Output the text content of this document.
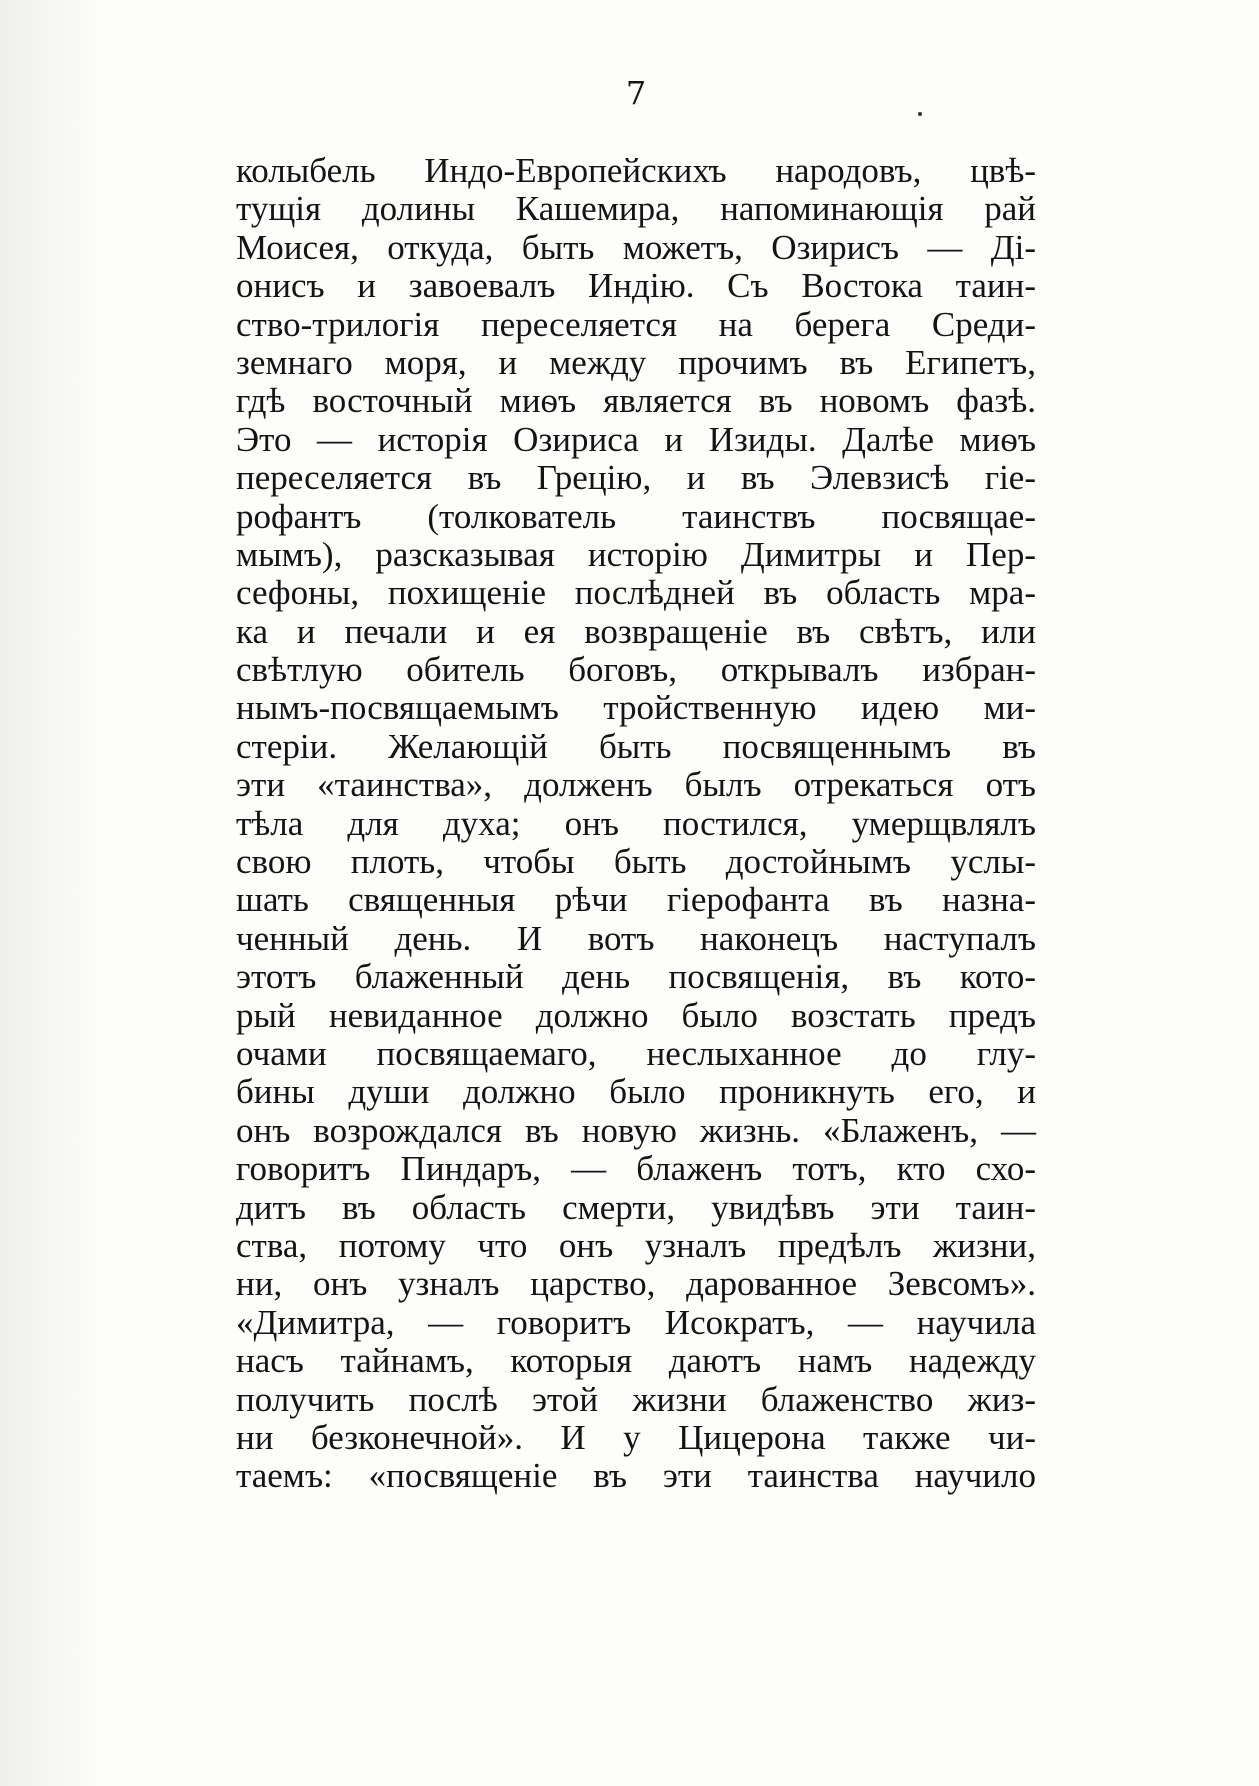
7

колыбель Индо-Европейскихъ народовъ, цвѣ-
тущія долины Кашемира, напоминающія рай
Моисея, откуда, быть можетъ, Озирисъ — Ді-
онисъ и завоевалъ Индію. Съ Востока таин-
ство-трилогія переселяется на берега Среди-
земнаго моря, и между прочимъ въ Египетъ,
гдѣ восточный миѳъ является въ новомъ фазѣ.
Это — исторія Озириса и Изиды. Далѣе миѳъ
переселяется въ Грецію, и въ Элевзисѣ гіе-
рофантъ (толкователь таинствъ посвящае-
мымъ), разсказывая исторію Димитры и Пер-
сефоны, похищеніе послѣдней въ область мра-
ка и печали и ея возвращеніе въ свѣтъ, или
свѣтлую обитель боговъ, открывалъ избран-
нымъ-посвящаемымъ тройственную идею ми-
стеріи. Желающій быть посвященнымъ въ
эти «таинства», долженъ былъ отрекаться отъ
тѣла для духа; онъ постился, умерщвлялъ
свою плоть, чтобы быть достойнымъ услы-
шать священныя рѣчи гіерофанта въ назна-
ченный день. И вотъ наконецъ наступалъ
этотъ блаженный день посвященія, въ кото-
рый невиданное должно было возстать предъ
очами посвящаемаго, неслыханное до глу-
бины души должно было проникнуть его, и
онъ возрождался въ новую жизнь. «Блаженъ, —
говоритъ Пиндаръ, — блаженъ тотъ, кто схо-
дитъ въ область смерти, увидѣвъ эти таин-
ства, потому что онъ узналъ предѣлъ жизни,
ни, онъ узналъ царство, дарованное Зевсомъ».
«Димитра, — говоритъ Исократъ, — научила
насъ тайнамъ, которыя даютъ намъ надежду
получить послѣ этой жизни блаженство жиз-
ни безконечной». И у Цицерона также чи-
таемъ: «посвященіе въ эти таинства научило
